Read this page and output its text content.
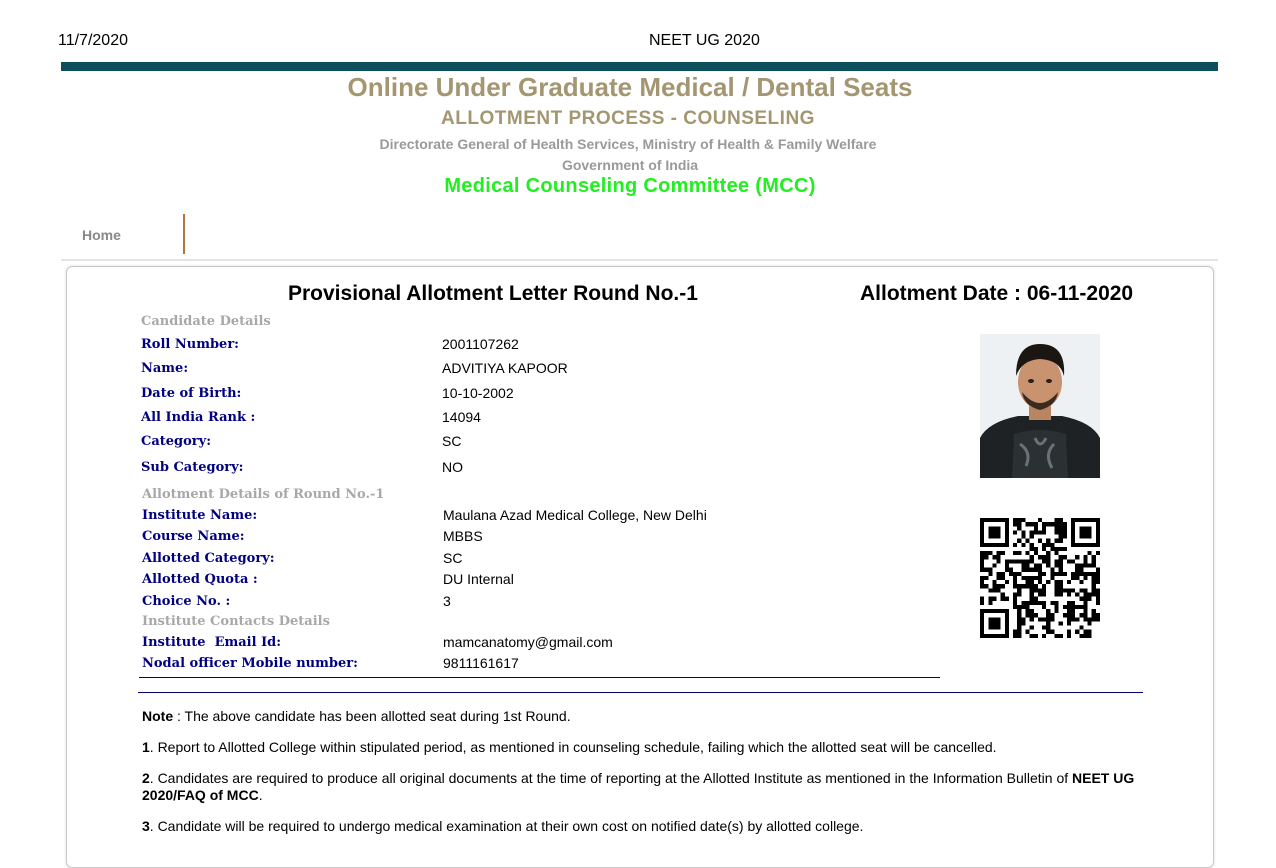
11/7/2020	NEET UG 2020
Online Under Graduate Medical / Dental Seats
ALLOTMENT PROCESS - COUNSELING
Directorate General of Health Services, Ministry of Health & Family Welfare
Government of India
Medical Counseling Committee (MCC)
Home
Provisional Allotment Letter Round No.-1	Allotment Date : 06-11-2020
Candidate Details
Roll Number:	2001107262
Name:	ADVITIYA KAPOOR
Date of Birth:	10-10-2002
All India Rank :	14094
Category:	SC
Sub Category:	NO
Allotment Details of Round No.-1
Institute Name:	Maulana Azad Medical College, New Delhi
Course Name:	MBBS
Allotted Category:	SC
Allotted Quota :	DU Internal
Choice No. :	3
Institute Contacts Details
Institute  Email Id:	mamcanatomy@gmail.com
Nodal officer Mobile number:	9811161617
Note : The above candidate has been allotted seat during 1st Round.
1. Report to Allotted College within stipulated period, as mentioned in counseling schedule, failing which the allotted seat will be cancelled.
2. Candidates are required to produce all original documents at the time of reporting at the Allotted Institute as mentioned in the Information Bulletin of NEET UG 2020/FAQ of MCC.
3. Candidate will be required to undergo medical examination at their own cost on notified date(s) by allotted college.
